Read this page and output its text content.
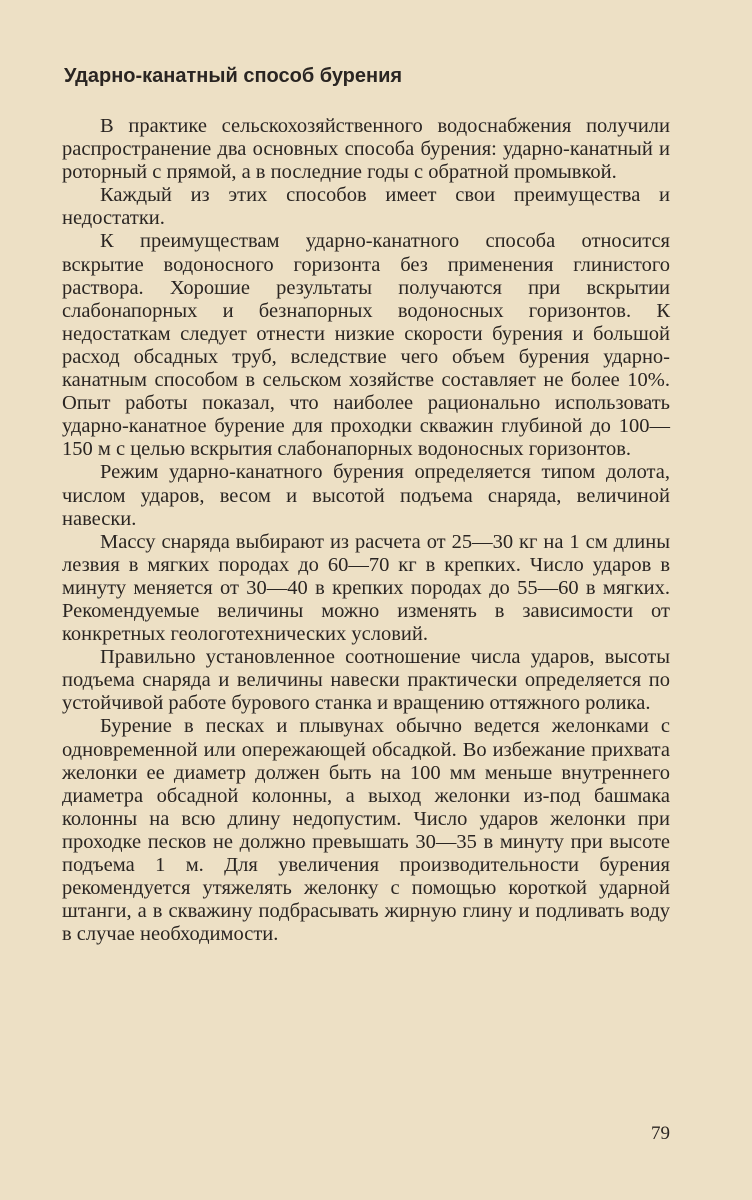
Ударно-канатный способ бурения

В практике сельскохозяйственного водоснабжения получили распространение два основных способа бурения: ударно-канатный и роторный с прямой, а в последние годы с обратной промывкой.

Каждый из этих способов имеет свои преимущества и недостатки.

К преимуществам ударно-канатного способа относится вскрытие водоносного горизонта без применения глинистого раствора. Хорошие результаты получаются при вскрытии слабонапорных и безнапорных водоносных горизонтов. К недостаткам следует отнести низкие скорости бурения и большой расход обсадных труб, вследствие чего объем бурения ударно-канатным способом в сельском хозяйстве составляет не более 10%. Опыт работы показал, что наиболее рационально использовать ударно-канатное бурение для проходки скважин глубиной до 100—150 м с целью вскрытия слабонапорных водоносных горизонтов.

Режим ударно-канатного бурения определяется типом долота, числом ударов, весом и высотой подъема снаряда, величиной навески.

Массу снаряда выбирают из расчета от 25—30 кг на 1 см длины лезвия в мягких породах до 60—70 кг в крепких. Число ударов в минуту меняется от 30—40 в крепких породах до 55—60 в мягких. Рекомендуемые величины можно изменять в зависимости от конкретных геологотехнических условий.

Правильно установленное соотношение числа ударов, высоты подъема снаряда и величины навески практически определяется по устойчивой работе бурового станка и вращению оттяжного ролика.

Бурение в песках и плывунах обычно ведется желонками с одновременной или опережающей обсадкой. Во избежание прихвата желонки ее диаметр должен быть на 100 мм меньше внутреннего диаметра обсадной колонны, а выход желонки из-под башмака колонны на всю длину недопустим. Число ударов желонки при проходке песков не должно превышать 30—35 в минуту при высоте подъема 1 м. Для увеличения производительности бурения рекомендуется утяжелять желонку с помощью короткой ударной штанги, а в скважину подбрасывать жирную глину и подливать воду в случае необходимости.

79
